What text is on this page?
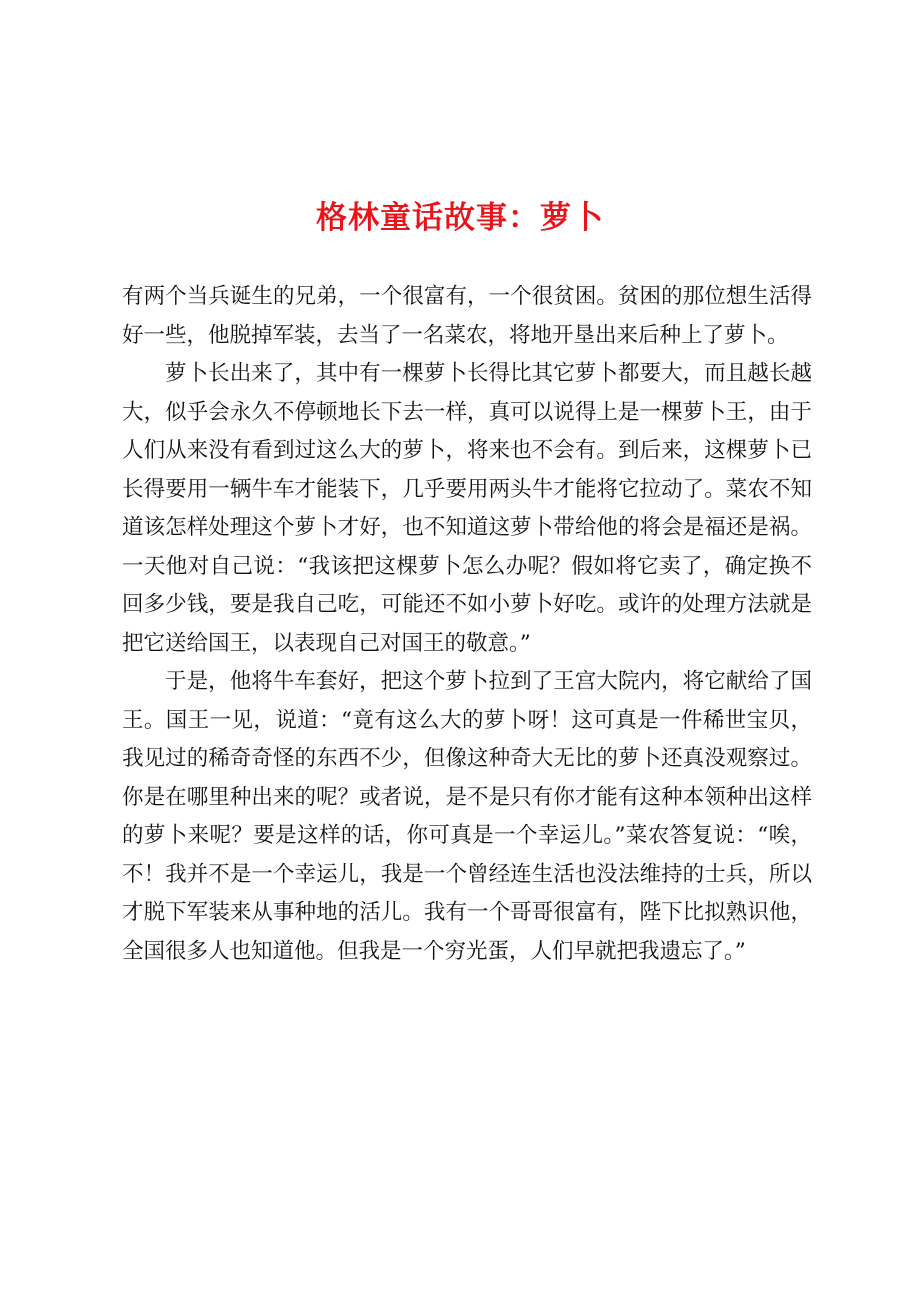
格林童话故事：萝卜

有两个当兵诞生的兄弟，一个很富有，一个很贫困。贫困的那位想生活得好一些，他脱掉军装，去当了一名菜农，将地开垦出来后种上了萝卜。

萝卜长出来了，其中有一棵萝卜长得比其它萝卜都要大，而且越长越大，似乎会永久不停顿地长下去一样，真可以说得上是一棵萝卜王，由于人们从来没有看到过这么大的萝卜，将来也不会有。到后来，这棵萝卜已长得要用一辆牛车才能装下，几乎要用两头牛才能将它拉动了。菜农不知道该怎样处理这个萝卜才好，也不知道这萝卜带给他的将会是福还是祸。一天他对自己说：“我该把这棵萝卜怎么办呢？假如将它卖了，确定换不回多少钱，要是我自己吃，可能还不如小萝卜好吃。或许的处理方法就是把它送给国王，以表现自己对国王的敬意。”

于是，他将牛车套好，把这个萝卜拉到了王宫大院内，将它献给了国王。国王一见，说道：“竟有这么大的萝卜呀！这可真是一件稀世宝贝，我见过的稀奇奇怪的东西不少，但像这种奇大无比的萝卜还真没观察过。你是在哪里种出来的呢？或者说，是不是只有你才能有这种本领种出这样的萝卜来呢？要是这样的话，你可真是一个幸运儿。”菜农答复说：“唉，不！我并不是一个幸运儿，我是一个曾经连生活也没法维持的士兵，所以才脱下军装来从事种地的活儿。我有一个哥哥很富有，陛下比拟熟识他，全国很多人也知道他。但我是一个穷光蛋，人们早就把我遗忘了。”
